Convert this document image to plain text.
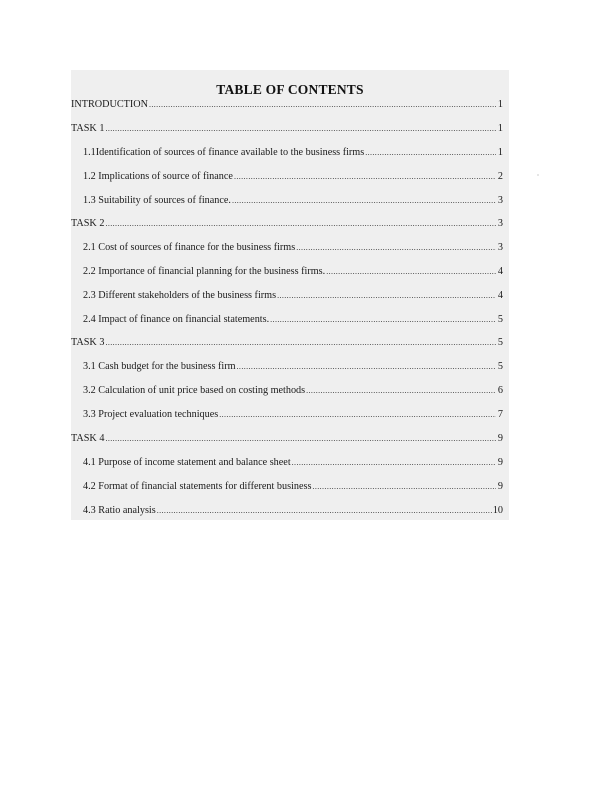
TABLE OF CONTENTS
INTRODUCTION .....	1
TASK 1 .....	1
1.1Identification of sources of finance available to the business firms .....	1
1.2 Implications of source of finance .....	2
1.3 Suitability of sources of finance. .....	3
TASK 2 .....	3
2.1 Cost of sources of finance for the business firms .....	3
2.2 Importance of financial planning for the business firms. .....	4
2.3 Different stakeholders of the business firms .....	4
2.4 Impact of finance on financial statements. .....	5
TASK 3 .....	5
3.1 Cash budget for the business firm .....	5
3.2 Calculation of unit price based on costing methods .....	6
3.3 Project evaluation techniques .....	7
TASK 4 .....	9
4.1 Purpose of income statement and balance sheet .....	9
4.2 Format of financial statements for different business .....	9
4.3 Ratio analysis .....	10
